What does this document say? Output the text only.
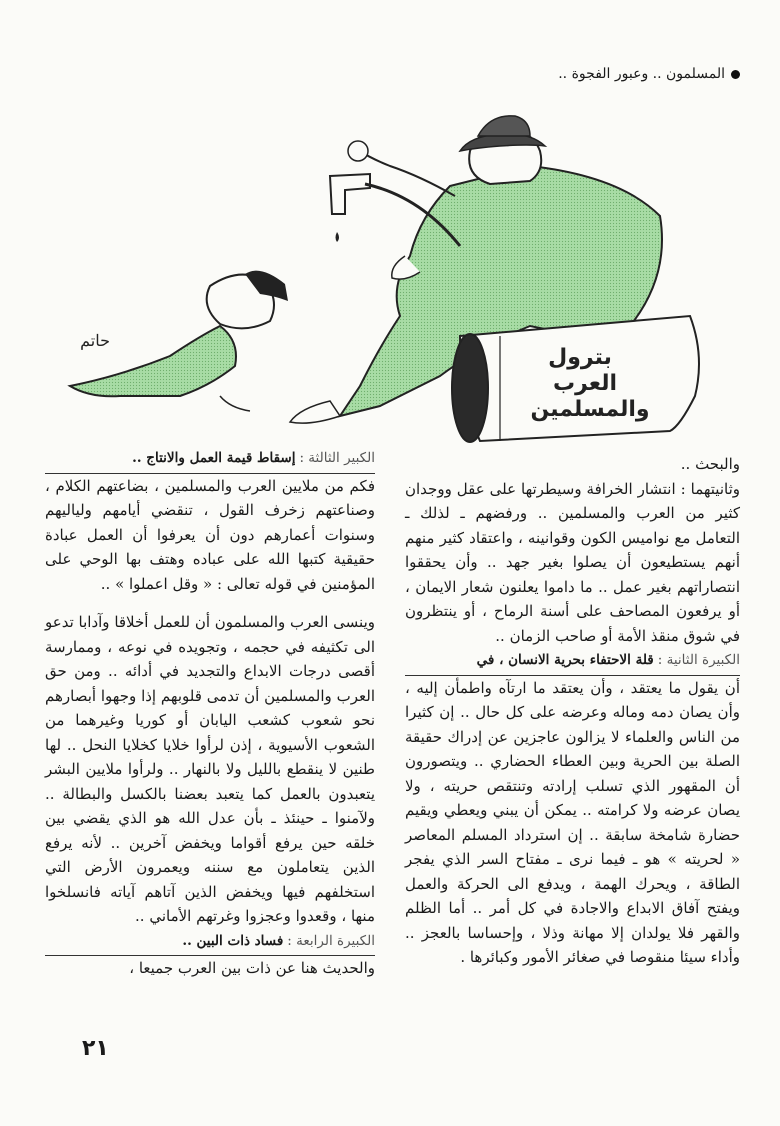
المسلمون .. وعبور الفجوة ..
بترول
العرب
والمسلمين
حاتم

والبحث ..

وثانيتهما : انتشار الخرافة وسيطرتها على عقل ووجدان كثير من العرب والمسلمين .. ورفضهم ـ لذلك ـ التعامل مع نواميس الكون وقوانينه ، واعتقاد كثير منهم أنهم يستطيعون أن يصلوا بغير جهد .. وأن يحققوا انتصاراتهم بغير عمل .. ما داموا يعلنون شعار الايمان ، أو يرفعون المصاحف على أسنة الرماح ، أو ينتظرون في شوق منقذ الأمة أو صاحب الزمان ..

الكبيرة الثانية :
قلة الاحتفاء بحرية الانسان ، في

أن يقول ما يعتقد ، وأن يعتقد ما ارتآه واطمأن إليه ، وأن يصان دمه وماله وعرضه على كل حال .. إن كثيرا من الناس والعلماء لا يزالون عاجزين عن إدراك حقيقة الصلة بين الحرية وبين العطاء الحضاري .. ويتصورون أن المقهور الذي تسلب إرادته وتنتقص حريته ، ولا يصان عرضه ولا كرامته .. يمكن أن يبني ويعطي ويقيم حضارة شامخة سابقة .. إن استرداد المسلم المعاصر « لحريته » هو ـ فيما نرى ـ مفتاح السر الذي يفجر الطاقة ، ويحرك الهمة ، ويدفع الى الحركة والعمل ويفتح آفاق الابداع والاجادة في كل أمر .. أما الظلم والقهر فلا يولدان إلا مهانة وذلا ، وإحساسا بالعجز .. وأداء سيئا منقوصا في صغائر الأمور وكبائرها .

الكبير الثالثة :
إسقاط قيمة العمل والانتاج ..

فكم من ملايين العرب والمسلمين ، بضاعتهم الكلام ، وصناعتهم زخرف القول ، تنقضي أيامهم ولياليهم وسنوات أعمارهم دون أن يعرفوا أن العمل عبادة حقيقية كتبها الله على عباده وهتف بها الوحي على المؤمنين في قوله تعالى : « وقل اعملوا » ..

وينسى العرب والمسلمون أن للعمل أخلاقا وآدابا تدعو الى تكثيفه في حجمه ، وتجويده في نوعه ، وممارسة أقصى درجات الابداع والتجديد في أدائه .. ومن حق العرب والمسلمين أن تدمى قلوبهم إذا وجهوا أبصارهم نحو شعوب كشعب اليابان أو كوريا وغيرهما من الشعوب الأسيوية ، إذن لرأوا خلايا كخلايا النحل .. لها طنين لا ينقطع بالليل ولا بالنهار .. ولرأوا ملايين البشر يتعبدون بالعمل كما يتعبد بعضنا بالكسل والبطالة .. ولآمنوا ـ حينئذ ـ بأن عدل الله هو الذي يقضي بين خلقه حين يرفع أقواما ويخفض آخرين .. لأنه يرفع الذين يتعاملون مع سننه ويعمرون الأرض التي استخلفهم فيها ويخفض الذين آتاهم آياته فانسلخوا منها ، وقعدوا وعجزوا وغرتهم الأماني ..

الكبيرة الرابعة :
فساد ذات البين ..

والحديث هنا عن ذات بين العرب جميعا ،

٢١
